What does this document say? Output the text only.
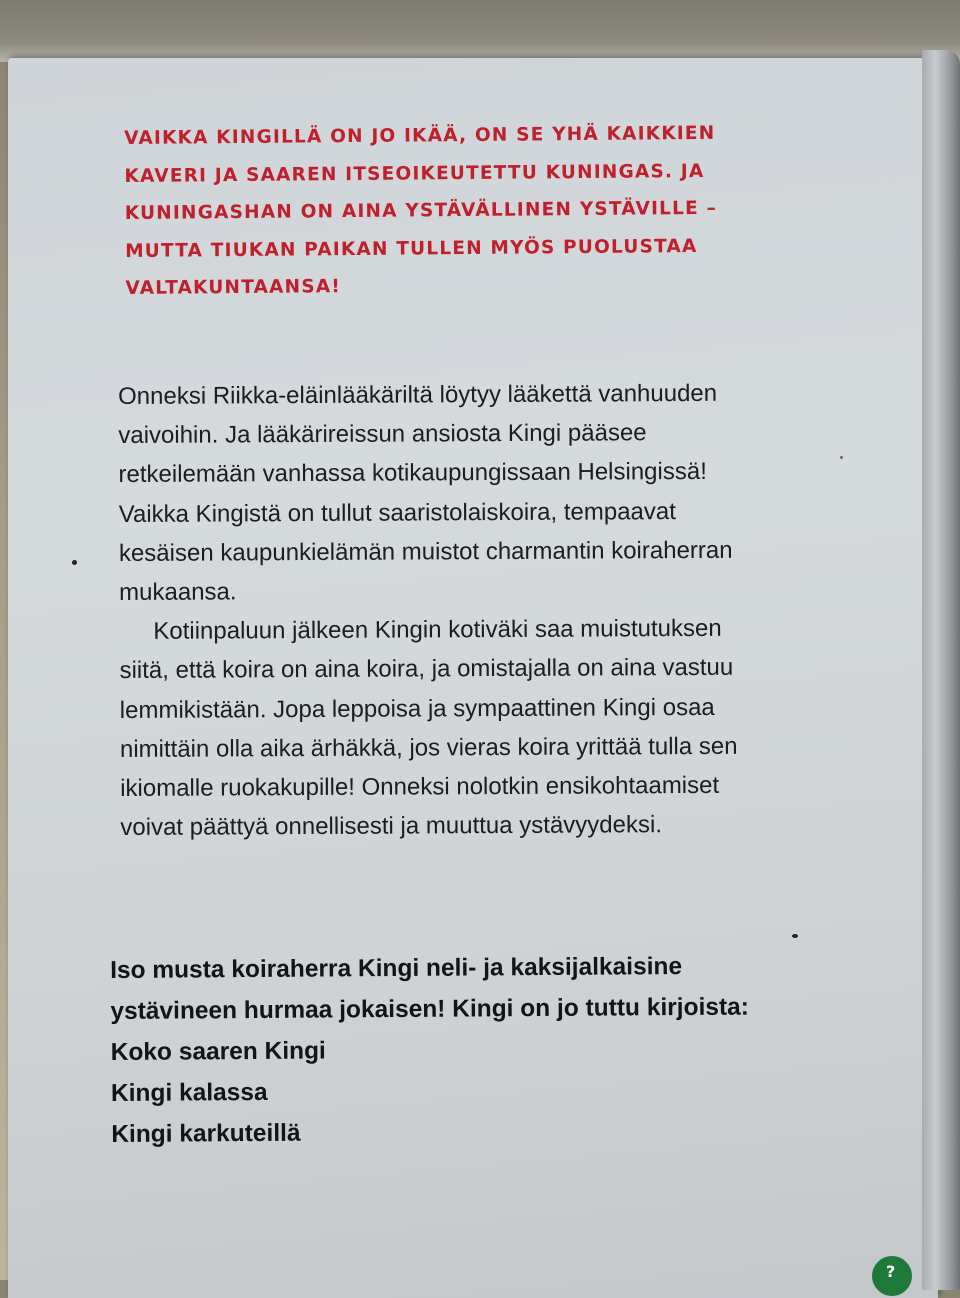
VAIKKA KINGILLÄ ON JO IKÄÄ, ON SE YHÄ KAIKKIEN
KAVERI JA SAAREN ITSEOIKEUTETTU KUNINGAS. JA
KUNINGASHAN ON AINA YSTÄVÄLLINEN YSTÄVILLE –
MUTTA TIUKAN PAIKAN TULLEN MYÖS PUOLUSTAA
VALTAKUNTAANSA!
Onneksi Riikka-eläinlääkäriltä löytyy lääkettä vanhuuden
vaivoihin. Ja lääkärireissun ansiosta Kingi pääsee
retkeilemään vanhassa kotikaupungissaan Helsingissä!
Vaikka Kingistä on tullut saaristolaiskoira, tempaavat
kesäisen kaupunkielämän muistot charmantin koiraherran
mukaansa.
Kotiinpaluun jälkeen Kingin kotiväki saa muistutuksen
siitä, että koira on aina koira, ja omistajalla on aina vastuu
lemmikistään. Jopa leppoisa ja sympaattinen Kingi osaa
nimittäin olla aika ärhäkkä, jos vieras koira yrittää tulla sen
ikiomalle ruokakupille! Onneksi nolotkin ensikohtaamiset
voivat päättyä onnellisesti ja muuttua ystävyydeksi.
Iso musta koiraherra Kingi neli- ja kaksijalkaisine
ystävineen hurmaa jokaisen! Kingi on jo tuttu kirjoista:
Koko saaren Kingi
Kingi kalassa
Kingi karkuteillä
?
